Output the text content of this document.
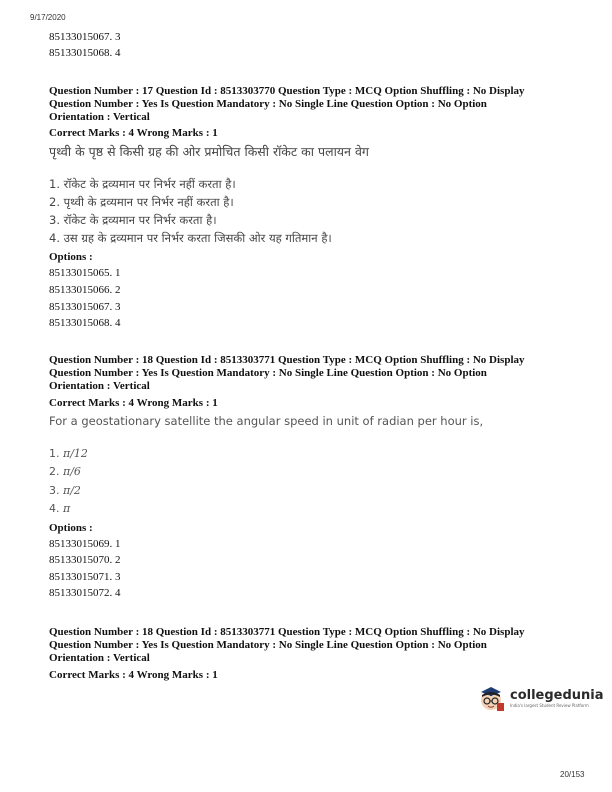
9/17/2020
85133015067. 3
85133015068. 4
Question Number : 17 Question Id : 8513303770 Question Type : MCQ Option Shuffling : No Display
Question Number : Yes Is Question Mandatory : No Single Line Question Option : No Option
Orientation : Vertical
Correct Marks : 4 Wrong Marks : 1
पृथ्वी के पृष्ठ से किसी ग्रह की ओर प्रमोचित किसी रॉकेट का पलायन वेग
1. रॉकेट के द्रव्यमान पर निर्भर नहीं करता है।
2. पृथ्वी के द्रव्यमान पर निर्भर नहीं करता है।
3. रॉकेट के द्रव्यमान पर निर्भर करता है।
4. उस ग्रह के द्रव्यमान पर निर्भर करता जिसकी ओर यह गतिमान है।
Options :
85133015065. 1
85133015066. 2
85133015067. 3
85133015068. 4
Question Number : 18 Question Id : 8513303771 Question Type : MCQ Option Shuffling : No Display
Question Number : Yes Is Question Mandatory : No Single Line Question Option : No Option
Orientation : Vertical
Correct Marks : 4 Wrong Marks : 1
For a geostationary satellite the angular speed in unit of radian per hour is,
1. π/12
2. π/6
3. π/2
4. π
Options :
85133015069. 1
85133015070. 2
85133015071. 3
85133015072. 4
Question Number : 18 Question Id : 8513303771 Question Type : MCQ Option Shuffling : No Display
Question Number : Yes Is Question Mandatory : No Single Line Question Option : No Option
Orientation : Vertical
Correct Marks : 4 Wrong Marks : 1
collegedunia
India's largest Student Review Platform
20/153
